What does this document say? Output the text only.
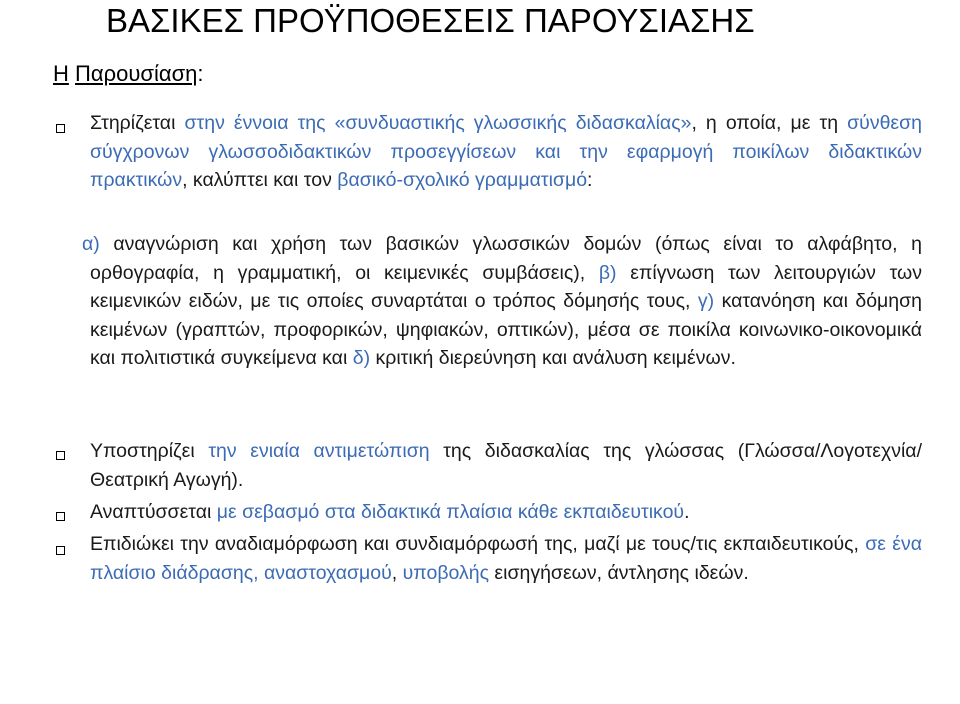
ΒΑΣΙΚΕΣ ΠΡΟΫΠΟΘΕΣΕΙΣ ΠΑΡΟΥΣΙΑΣΗΣ
Η Παρουσίαση:

Στηρίζεται στην έννοια της «συνδυαστικής γλωσσικής διδασκαλίας», η οποία, με τη σύνθεση σύγχρονων γλωσσοδιδακτικών προσεγγίσεων και την εφαρμογή ποικίλων διδακτικών πρακτικών, καλύπτει και τον βασικό-σχολικό γραμματισμό:

α) αναγνώριση και χρήση των βασικών γλωσσικών δομών (όπως είναι το αλφάβητο, η ορθογραφία, η γραμματική, οι κειμενικές συμβάσεις), β) επίγνωση των λειτουργιών των κειμενικών ειδών, με τις οποίες συναρτάται ο τρόπος δόμησής τους, γ) κατανόηση και δόμηση κειμένων (γραπτών, προφορικών, ψηφιακών, οπτικών), μέσα σε ποικίλα κοινωνικο-οικονομικά και πολιτιστικά συγκείμενα και δ) κριτική διερεύνηση και ανάλυση κειμένων.

Υποστηρίζει την ενιαία αντιμετώπιση της διδασκαλίας της γλώσσας (Γλώσσα/Λογοτεχνία/Θεατρική Αγωγή).

Αναπτύσσεται με σεβασμό στα διδακτικά πλαίσια κάθε εκπαιδευτικού.

Επιδιώκει την αναδιαμόρφωση και συνδιαμόρφωσή της, μαζί με τους/τις εκπαιδευτικούς, σε ένα πλαίσιο διάδρασης, αναστοχασμού, υποβολής εισηγήσεων, άντλησης ιδεών.
